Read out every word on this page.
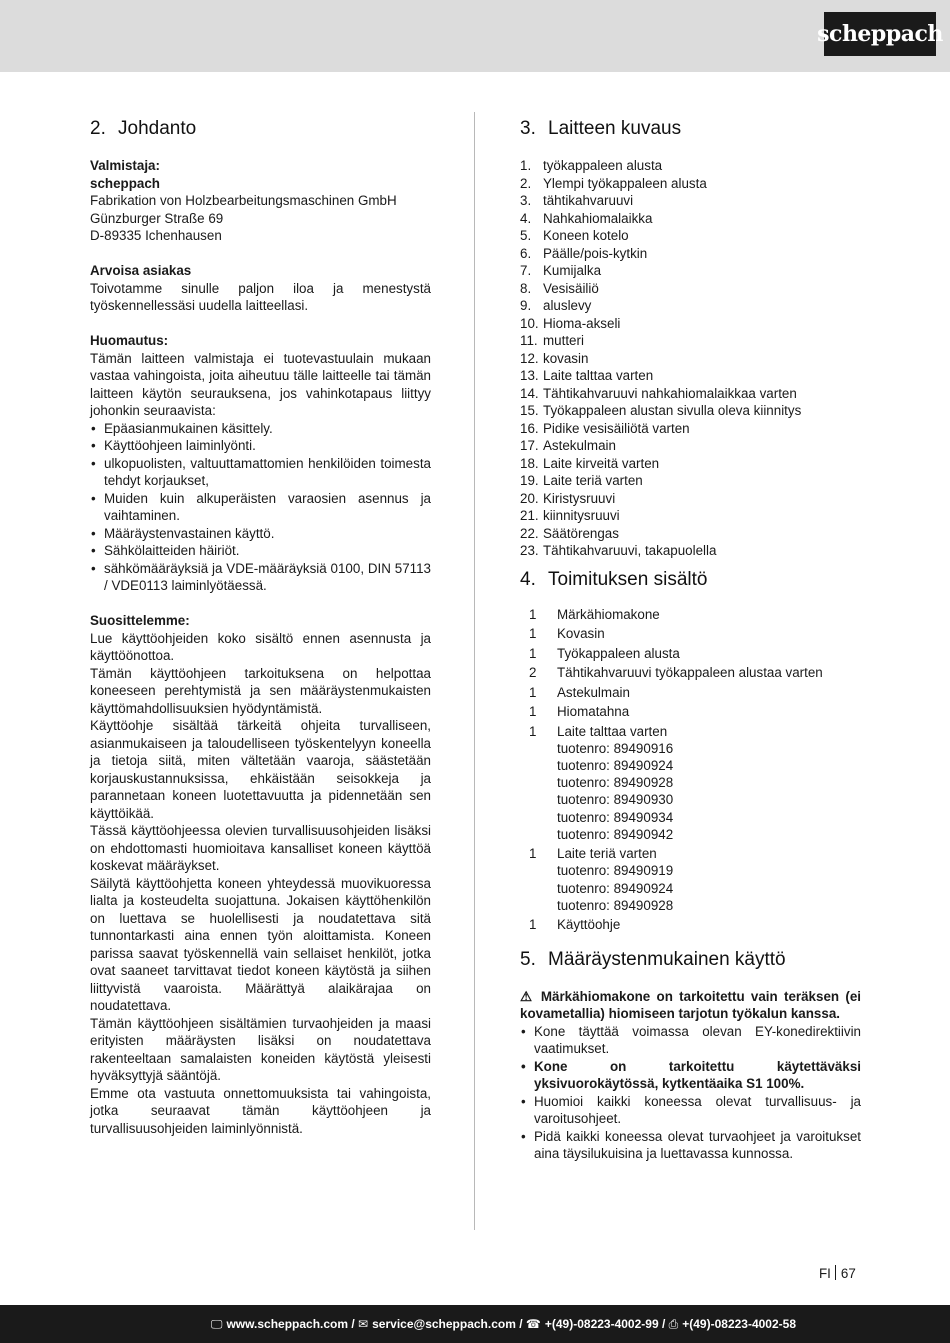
scheppach
2. Johdanto

Valmistaja:

scheppach

Fabrikation von Holzbearbeitungsmaschinen GmbH

Günzburger Straße 69

D-89335 Ichenhausen

Arvoisa asiakas

Toivotamme sinulle paljon iloa ja menestystä työskennellessäsi uudella laitteellasi.

Huomautus:

Tämän laitteen valmistaja ei tuotevastuulain mukaan vastaa vahingoista, joita aiheutuu tälle laitteelle tai tämän laitteen käytön seurauksena, jos vahinkotapaus liittyy johonkin seuraavista:

• Epäasianmukainen käsittely.
• Käyttöohjeen laiminlyönti.
• ulkopuolisten, valtuuttamattomien henkilöiden toimesta tehdyt korjaukset,
• Muiden kuin alkuperäisten varaosien asennus ja vaihtaminen.
• Määräystenvastainen käyttö.
• Sähkölaitteiden häiriöt.
• sähkömääräyksiä ja VDE-määräyksiä 0100, DIN 57113 / VDE0113 laiminlyötäessä.

Suosittelemme:

Lue käyttöohjeiden koko sisältö ennen asennusta ja käyttöönottoa.

Tämän käyttöohjeen tarkoituksena on helpottaa koneeseen perehtymistä ja sen määräystenmukaisten käyttömahdollisuuksien hyödyntämistä.

Käyttöohje sisältää tärkeitä ohjeita turvalliseen, asianmukaiseen ja taloudelliseen työskentelyyn koneella ja tietoja siitä, miten vältetään vaaroja, säästetään korjauskustannuksissa, ehkäistään seisokkeja ja parannetaan koneen luotettavuutta ja pidennetään sen käyttöikää.

Tässä käyttöohjeessa olevien turvallisuusohjeiden lisäksi on ehdottomasti huomioitava kansalliset koneen käyttöä koskevat määräykset.

Säilytä käyttöohjetta koneen yhteydessä muovikuoressa lialta ja kosteudelta suojattuna. Jokaisen käyttöhenkilön on luettava se huolellisesti ja noudatettava sitä tunnontarkasti aina ennen työn aloittamista. Koneen parissa saavat työskennellä vain sellaiset henkilöt, jotka ovat saaneet tarvittavat tiedot koneen käytöstä ja siihen liittyvistä vaaroista. Määrättyä alaikärajaa on noudatettava.

Tämän käyttöohjeen sisältämien turvaohjeiden ja maasi erityisten määräysten lisäksi on noudatettava rakenteeltaan samalaisten koneiden käytöstä yleisesti hyväksyttyjä sääntöjä.

Emme ota vastuuta onnettomuuksista tai vahingoista, jotka seuraavat tämän käyttöohjeen ja turvallisuusohjeiden laiminlyönnistä.

3. Laitteen kuvaus
1. työkappaleen alusta
2. Ylempi työkappaleen alusta
3. tähtikahvaruuvi
4. Nahkahiomalaikka
5. Koneen kotelo
6. Päälle/pois-kytkin
7. Kumijalka
8. Vesisäiliö
9. aluslevy
10. Hioma-akseli
11. mutteri
12. kovasin
13. Laite talttaa varten
14. Tähtikahvaruuvi nahkahiomalaikkaa varten
15. Työkappaleen alustan sivulla oleva kiinnitys
16. Pidike vesisäiliötä varten
17. Astekulmain
18. Laite kirveitä varten
19. Laite teriä varten
20. Kiristysruuvi
21. kiinnitysruuvi
22. Säätörengas
23. Tähtikahvaruuvi, takapuolella
4. Toimituksen sisältö
1	Märkähiomakone
1	Kovasin
1	Työkappaleen alusta
2	Tähtikahvaruuvi työkappaleen alustaa varten
1	Astekulmain
1	Hiomatahna
1	Laite talttaa varten
tuotenro: 89490916
tuotenro: 89490924
tuotenro: 89490928
tuotenro: 89490930
tuotenro: 89490934
tuotenro: 89490942
1	Laite teriä varten
tuotenro: 89490919
tuotenro: 89490924
tuotenro: 89490928
1	Käyttöohje
5. Määräystenmukainen käyttö

⚠ Märkähiomakone on tarkoitettu vain teräksen (ei kovametallia) hiomiseen tarjotun työkalun kanssa.

• Kone täyttää voimassa olevan EY-konedirektiivin vaatimukset.
• Kone on tarkoitettu käytettäväksi yksivuorokäytössä, kytkentäaika S1 100%.
• Huomioi kaikki koneessa olevat turvallisuus- ja varoitusohjeet.
• Pidä kaikki koneessa olevat turvaohjeet ja varoitukset aina täysilukuisina ja luettavassa kunnossa.
FI 67
🖵 www.scheppach.com /
✉ service@scheppach.com /
☎ +(49)-08223-4002-99 /
⎙ +(49)-08223-4002-58
